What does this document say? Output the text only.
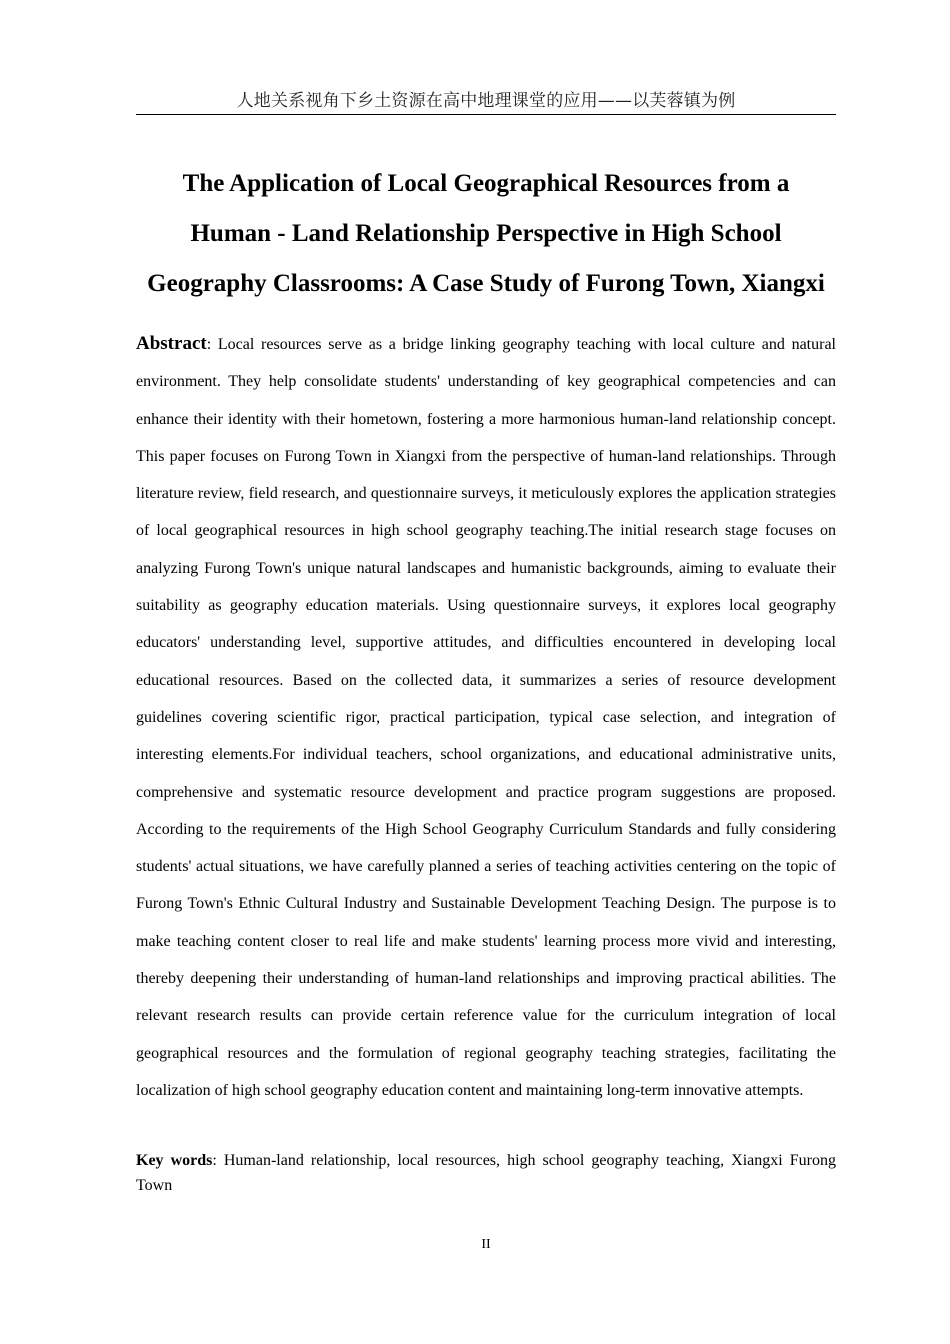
人地关系视角下乡土资源在高中地理课堂的应用——以芙蓉镇为例
The Application of Local Geographical Resources from a
Human - Land Relationship Perspective in High School
Geography Classrooms: A Case Study of Furong Town, Xiangxi

Abstract: Local resources serve as a bridge linking geography teaching with local culture and natural environment. They help consolidate students' understanding of key geographical competencies and can enhance their identity with their hometown, fostering a more harmonious human-land relationship concept. This paper focuses on Furong Town in Xiangxi from the perspective of human-land relationships. Through literature review, field research, and questionnaire surveys, it meticulously explores the application strategies of local geographical resources in high school geography teaching.The initial research stage focuses on analyzing Furong Town's unique natural landscapes and humanistic backgrounds, aiming to evaluate their suitability as geography education materials. Using questionnaire surveys, it explores local geography educators' understanding level, supportive attitudes, and difficulties encountered in developing local educational resources. Based on the collected data, it summarizes a series of resource development guidelines covering scientific rigor, practical participation, typical case selection, and integration of interesting elements.For individual teachers, school organizations, and educational administrative units, comprehensive and systematic resource development and practice program suggestions are proposed. According to the requirements of the High School Geography Curriculum Standards and fully considering students' actual situations, we have carefully planned a series of teaching activities centering on the topic of Furong Town's Ethnic Cultural Industry and Sustainable Development Teaching Design. The purpose is to make teaching content closer to real life and make students' learning process more vivid and interesting, thereby deepening their understanding of human-land relationships and improving practical abilities. The relevant research results can provide certain reference value for the curriculum integration of local geographical resources and the formulation of regional geography teaching strategies, facilitating the localization of high school geography education content and maintaining long-term innovative attempts.

Key words: Human-land relationship, local resources, high school geography teaching, Xiangxi Furong Town

II
